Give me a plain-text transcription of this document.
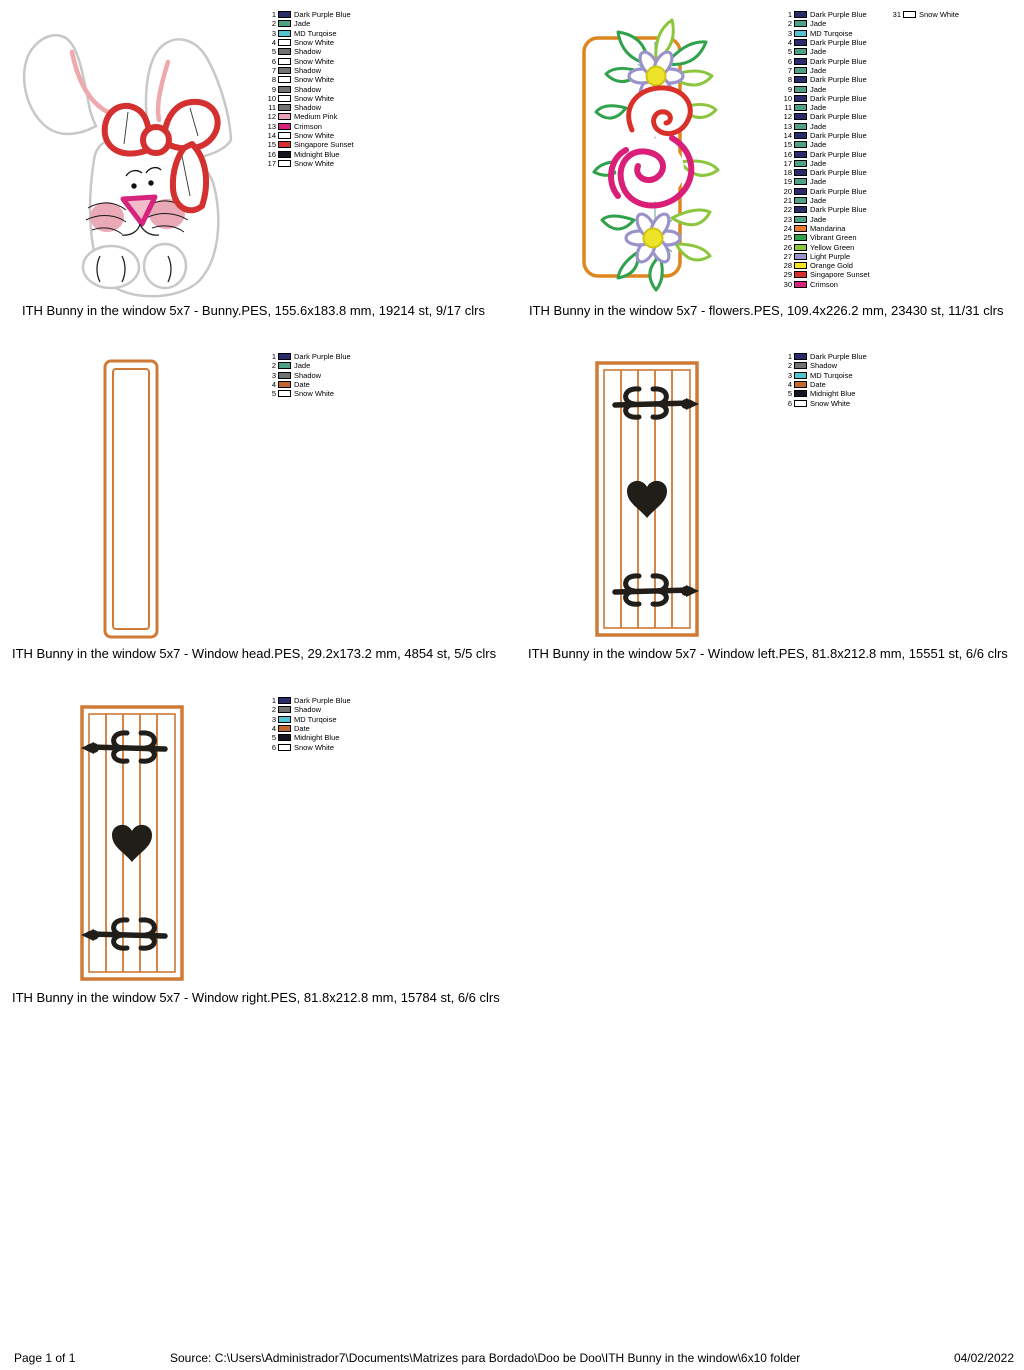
1 Dark Purple Blue
2 Jade
3 MD Turqoise
4 Snow White
5 Shadow
6 Snow White
7 Shadow
8 Snow White
9 Shadow
10 Snow White
11 Shadow
12 Medium Pink
13 Crimson
14 Snow White
15 Singapore Sunset
16 Midnight Blue
17 Snow White
ITH Bunny in the window 5x7 - Bunny.PES, 155.6x183.8 mm, 19214 st, 9/17 clrs
1 Dark Purple Blue
2 Jade
3 MD Turqoise
4 Dark Purple Blue
5 Jade
6 Dark Purple Blue
7 Jade
8 Dark Purple Blue
9 Jade
10 Dark Purple Blue
11 Jade
12 Dark Purple Blue
13 Jade
14 Dark Purple Blue
15 Jade
16 Dark Purple Blue
17 Jade
18 Dark Purple Blue
19 Jade
20 Dark Purple Blue
21 Jade
22 Dark Purple Blue
23 Jade
24 Mandarina
25 Vibrant Green
26 Yellow Green
27 Light Purple
28 Orange Gold
29 Singapore Sunset
30 Crimson
31 Snow White
ITH Bunny in the window 5x7 - flowers.PES, 109.4x226.2 mm, 23430 st, 11/31 clrs
1 Dark Purple Blue
2 Jade
3 Shadow
4 Date
5 Snow White
ITH Bunny in the window 5x7 - Window head.PES, 29.2x173.2 mm, 4854 st, 5/5 clrs
1 Dark Purple Blue
2 Shadow
3 MD Turqoise
4 Date
5 Midnight Blue
6 Snow White
ITH Bunny in the window 5x7 - Window left.PES, 81.8x212.8 mm, 15551 st, 6/6 clrs
1 Dark Purple Blue
2 Shadow
3 MD Turqoise
4 Date
5 Midnight Blue
6 Snow White
ITH Bunny in the window 5x7 - Window right.PES, 81.8x212.8 mm, 15784 st, 6/6 clrs
Page 1 of 1	Source: C:\Users\Administrador7\Documents\Matrizes para Bordado\Doo be Doo\ITH Bunny in the window\6x10 folder	04/02/2022
